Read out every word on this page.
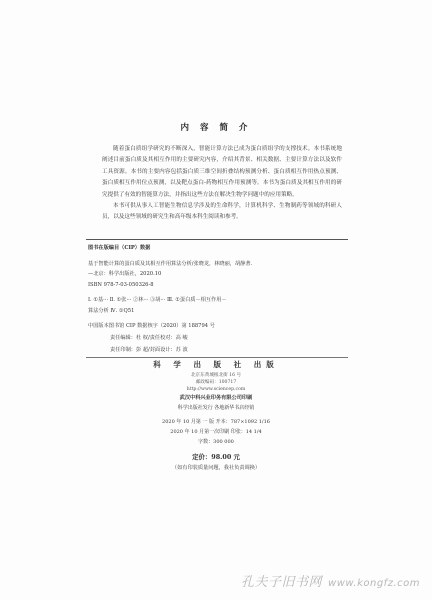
内 容 简 介

随着蛋白质组学研究的不断深入，智能计算方法已成为蛋白质组学的支撑技术。本书系统地阐述目前蛋白质及其相互作用的主要研究内容，介绍其背景、相关数据、主要计算方法以及软件工具资源。本书的主要内容包括蛋白质三维空间折叠结构预测分析、蛋白质相互作用热点预测、蛋白质相互作用位点预测，以及靶点蛋白-药物相互作用预测等。本书为蛋白质及其相互作用的研究提供了有效的智能算方法，并指出这些方法在解决生物学问题中的应用策略。

本书可供从事人工智能生物信息学涉及的生命科学，计算机科学、生物制药等领域的科研人员，以及这些领域的研究生和高年级本科生阅读和参考。

图书在版编目（CIP）数据
基于智能计算的蛋白质及其相互作用算法分析/张晓龙，林晓丽，胡静著.
—北京：科学出版社，2020.10
ISBN 978-7-03-050326-8
Ⅰ. ①基··· Ⅱ. ①张··· ②林··· ③胡··· Ⅲ. ①蛋白质－相互作用－
算法分析 Ⅳ. ①Q51
中国版本图书馆 CIP 数据核字（2020）第 188794 号
责任编辑：杜 权/责任校对：高 峻
责任印制：彭 超/封面设计：苏 波
科 学 出 版 社 出版
北京东黄城根北街 16 号
邮政编码：100717
http://www.sciencep.com
武汉中科兴业印务有限公司印刷
科学出版社发行 各地新华书店经销
2020 年 10 月第 一 版 开本：787×1092 1/16
2020 年 10 月第一次印刷 印张：14 1/4
字数：300 000
定价：98.00 元
（如有印装质量问题，我社负责调换）
孔夫子旧书网 www.kongfz.com
